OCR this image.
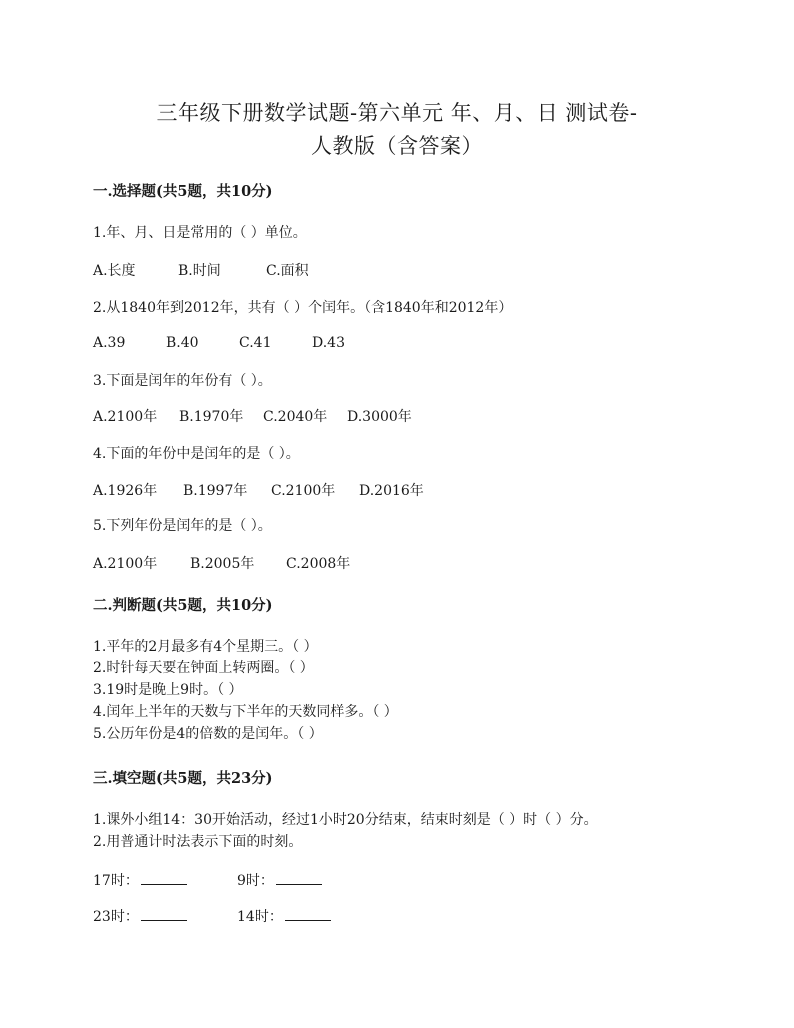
三年级下册数学试题-第六单元 年、月、日 测试卷-
人教版（含答案）
一.选择题(共5题，共10分)
1.年、月、日是常用的（ ）单位。
A.长度	B.时间	C.面积
2.从1840年到2012年，共有（ ）个闰年。（含1840年和2012年）
A.39	B.40	C.41	D.43
3.下面是闰年的年份有（ ）。
A.2100年 B.1970年 C.2040年 D.3000年
4.下面的年份中是闰年的是（ ）。
A.1926年 B.1997年 C.2100年 D.2016年
5.下列年份是闰年的是（ ）。
A.2100年 B.2005年 C.2008年
二.判断题(共5题，共10分)
1.平年的2月最多有4个星期三。（ ）
2.时针每天要在钟面上转两圈。（ ）
3.19时是晚上9时。（ ）
4.闰年上半年的天数与下半年的天数同样多。（ ）
5.公历年份是4的倍数的是闰年。（ ）
三.填空题(共5题，共23分)
1.课外小组14：30开始活动，经过1小时20分结束，结束时刻是（ ）时（ ）分。
2.用普通计时法表示下面的时刻。
17时：	9时：
23时：	14时：
